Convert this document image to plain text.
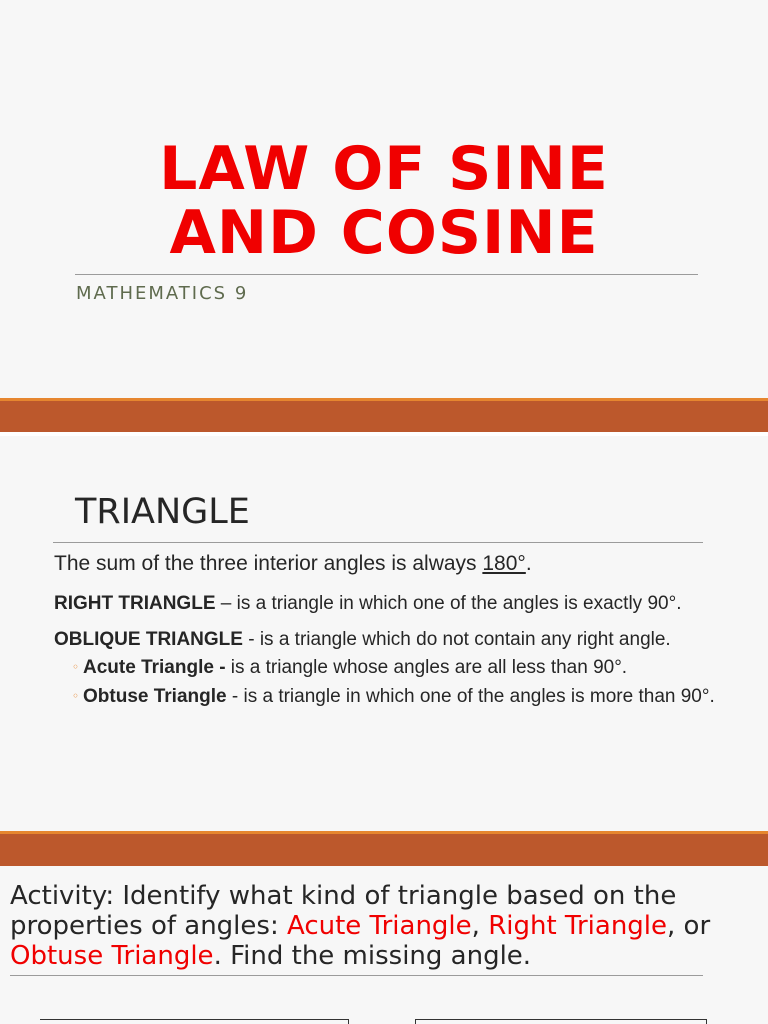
LAW OF SINE
AND COSINE
MATHEMATICS 9
TRIANGLE
The sum of the three interior angles is always 180°.
RIGHT TRIANGLE – is a triangle in which one of the angles is exactly 90°.
OBLIQUE TRIANGLE - is a triangle which do not contain any right angle.
◦ Acute Triangle - is a triangle whose angles are all less than 90°.
◦ Obtuse Triangle - is a triangle in which one of the angles is more than 90°.
Activity: Identify what kind of triangle based on the properties of angles: Acute Triangle, Right Triangle, or Obtuse Triangle. Find the missing angle.
